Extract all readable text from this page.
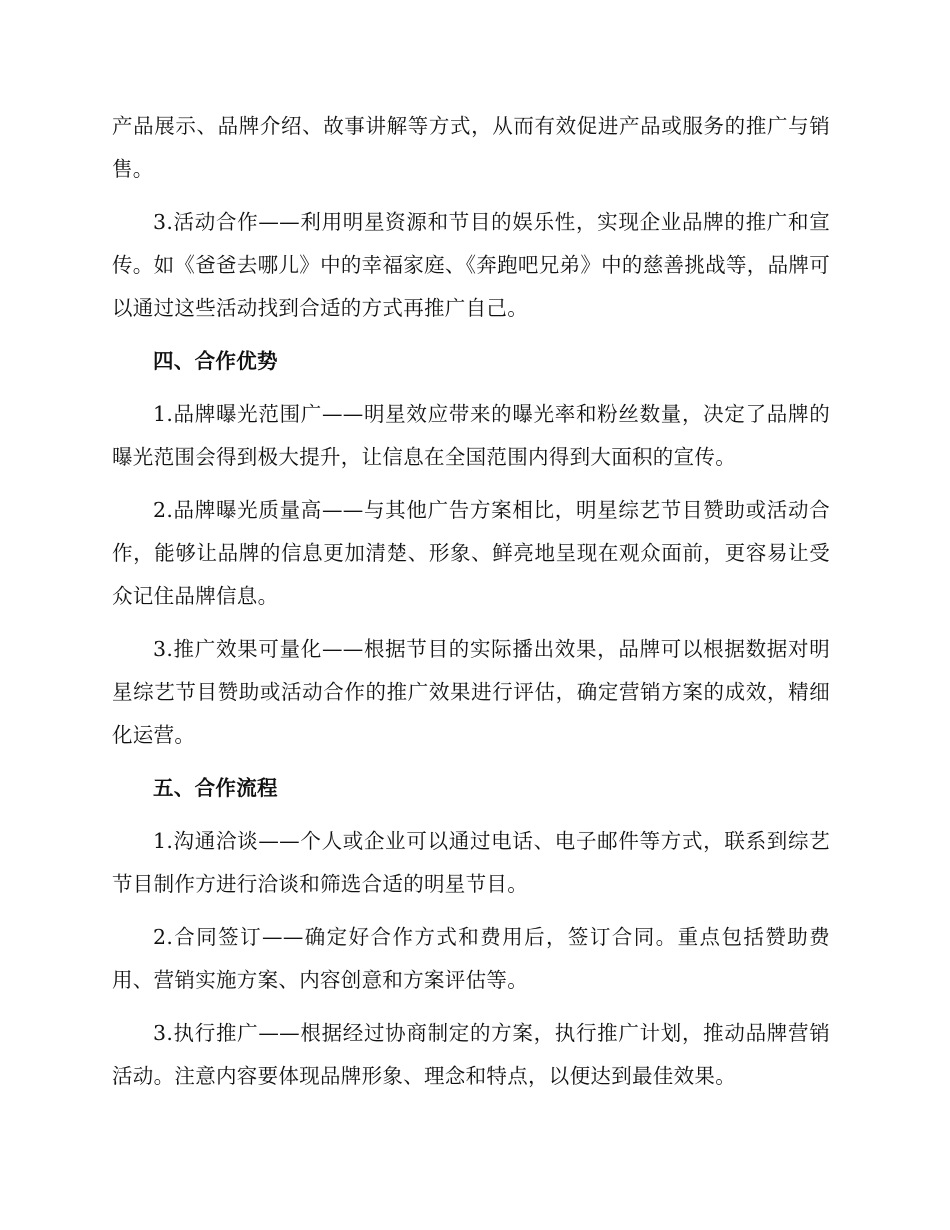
产品展示、品牌介绍、故事讲解等方式，从而有效促进产品或服务的推广与销售。

3.活动合作——利用明星资源和节目的娱乐性，实现企业品牌的推广和宣传。如《爸爸去哪儿》中的幸福家庭、《奔跑吧兄弟》中的慈善挑战等，品牌可以通过这些活动找到合适的方式再推广自己。

四、合作优势

1.品牌曝光范围广——明星效应带来的曝光率和粉丝数量，决定了品牌的曝光范围会得到极大提升，让信息在全国范围内得到大面积的宣传。

2.品牌曝光质量高——与其他广告方案相比，明星综艺节目赞助或活动合作，能够让品牌的信息更加清楚、形象、鲜亮地呈现在观众面前，更容易让受众记住品牌信息。

3.推广效果可量化——根据节目的实际播出效果，品牌可以根据数据对明星综艺节目赞助或活动合作的推广效果进行评估，确定营销方案的成效，精细化运营。

五、合作流程

1.沟通洽谈——个人或企业可以通过电话、电子邮件等方式，联系到综艺节目制作方进行洽谈和筛选合适的明星节目。

2.合同签订——确定好合作方式和费用后，签订合同。重点包括赞助费用、营销实施方案、内容创意和方案评估等。

3.执行推广——根据经过协商制定的方案，执行推广计划，推动品牌营销活动。注意内容要体现品牌形象、理念和特点，以便达到最佳效果。
